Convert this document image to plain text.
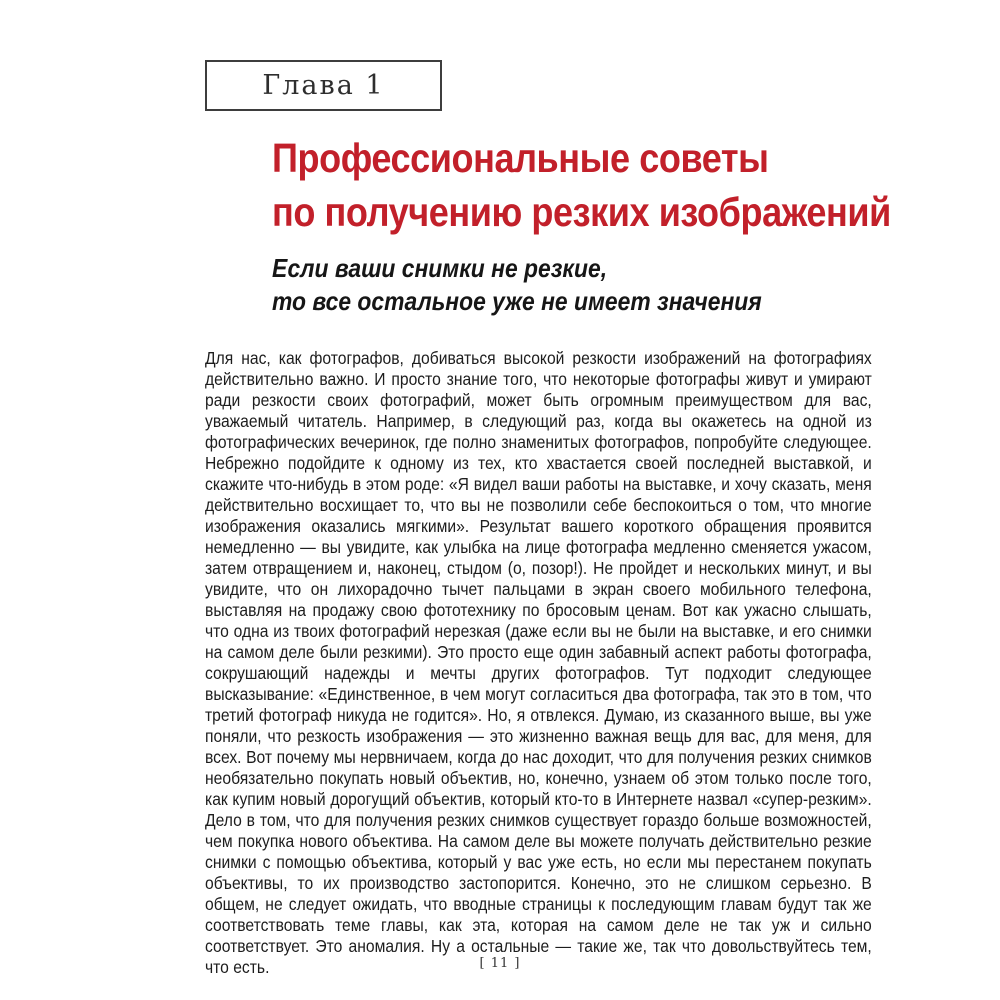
Глава 1
Профессиональные советы
по получению резких изображений
Если ваши снимки не резкие,
то все остальное уже не имеет значения

Для нас, как фотографов, добиваться высокой резкости изображений на фотографиях действительно важно. И просто знание того, что некоторые фотографы живут и умирают ради резкости своих фотографий, может быть огромным преимуществом для вас, уважаемый читатель. Например, в следующий раз, когда вы окажетесь на одной из фотографических вечеринок, где полно знаменитых фотографов, попробуйте следующее. Небрежно подойдите к одному из тех, кто хвастается своей последней выставкой, и скажите что-нибудь в этом роде: «Я видел ваши работы на выставке, и хочу сказать, меня действительно восхищает то, что вы не позволили себе беспокоиться о том, что многие изображения оказались мягкими». Результат вашего короткого обращения проявится немедленно — вы увидите, как улыбка на лице фотографа медленно сменяется ужасом, затем отвращением и, наконец, стыдом (о, позор!). Не пройдет и нескольких минут, и вы увидите, что он лихорадочно тычет пальцами в экран своего мобильного телефона, выставляя на продажу свою фототехнику по бросовым ценам. Вот как ужасно слышать, что одна из твоих фотографий нерезкая (даже если вы не были на выставке, и его снимки на самом деле были резкими). Это просто еще один забавный аспект работы фотографа, сокрушающий надежды и мечты других фотографов. Тут подходит следующее высказывание: «Единственное, в чем могут согласиться два фотографа, так это в том, что третий фотограф никуда не годится». Но, я отвлекся. Думаю, из сказанного выше, вы уже поняли, что резкость изображения — это жизненно важная вещь для вас, для меня, для всех. Вот почему мы нервничаем, когда до нас доходит, что для получения резких снимков необязательно покупать новый объектив, но, конечно, узнаем об этом только после того, как купим новый дорогущий объектив, который кто-то в Интернете назвал «супер-резким». Дело в том, что для получения резких снимков существует гораздо больше возможностей, чем покупка нового объектива. На самом деле вы можете получать действительно резкие снимки с помощью объектива, который у вас уже есть, но если мы перестанем покупать объективы, то их производство застопорится. Конечно, это не слишком серьезно. В общем, не следует ожидать, что вводные страницы к последующим главам будут так же соответствовать теме главы, как эта, которая на самом деле не так уж и сильно соответствует. Это аномалия. Ну а остальные — такие же, так что довольствуйтесь тем, что есть.	[ 11 ]
